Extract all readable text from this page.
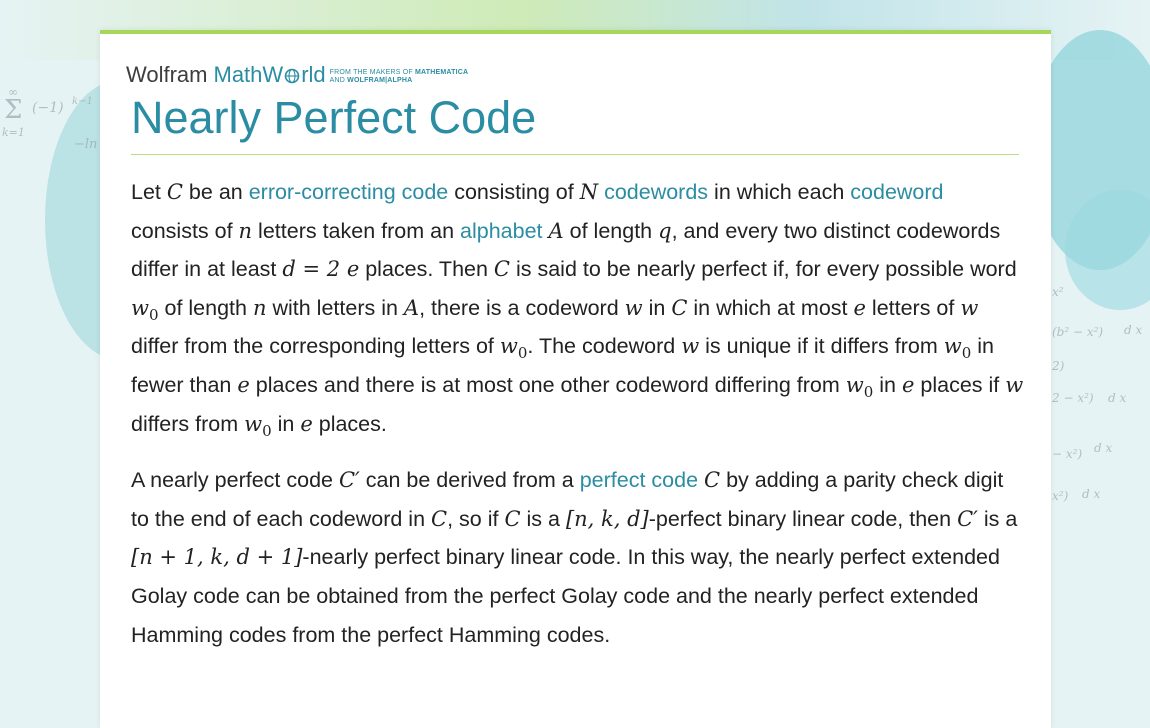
∞
Σ (−1) k−1
k=1
−ln
x²
(b² − x²) d x
2)
2 − x²) d x
− x²) d x
x²) d x
Wolfram MathW rld FROM THE MAKERS OF MATHEMATICA
AND WOLFRAM|ALPHA
Nearly Perfect Code

Let C be an error-correcting code consisting of N codewords in which each codeword consists of n letters taken from an alphabet A of length q, and every two distinct codewords differ in at least d = 2 e places. Then C is said to be nearly perfect if, for every possible word $w_0$ of length n with letters in A, there is a codeword w in C in which at most e letters of w differ from the corresponding letters of $w_0$. The codeword w is unique if it differs from $w_0$ in fewer than e places and there is at most one other codeword differing from $w_0$ in e places if w differs from $w_0$ in e places.

A nearly perfect code C′ can be derived from a perfect code C by adding a parity check digit to the end of each codeword in C, so if C is a [n, k, d]-perfect binary linear code, then C′ is a [n + 1, k, d + 1]-nearly perfect binary linear code. In this way, the nearly perfect extended Golay code can be obtained from the perfect Golay code and the nearly perfect extended Hamming codes from the perfect Hamming codes.
